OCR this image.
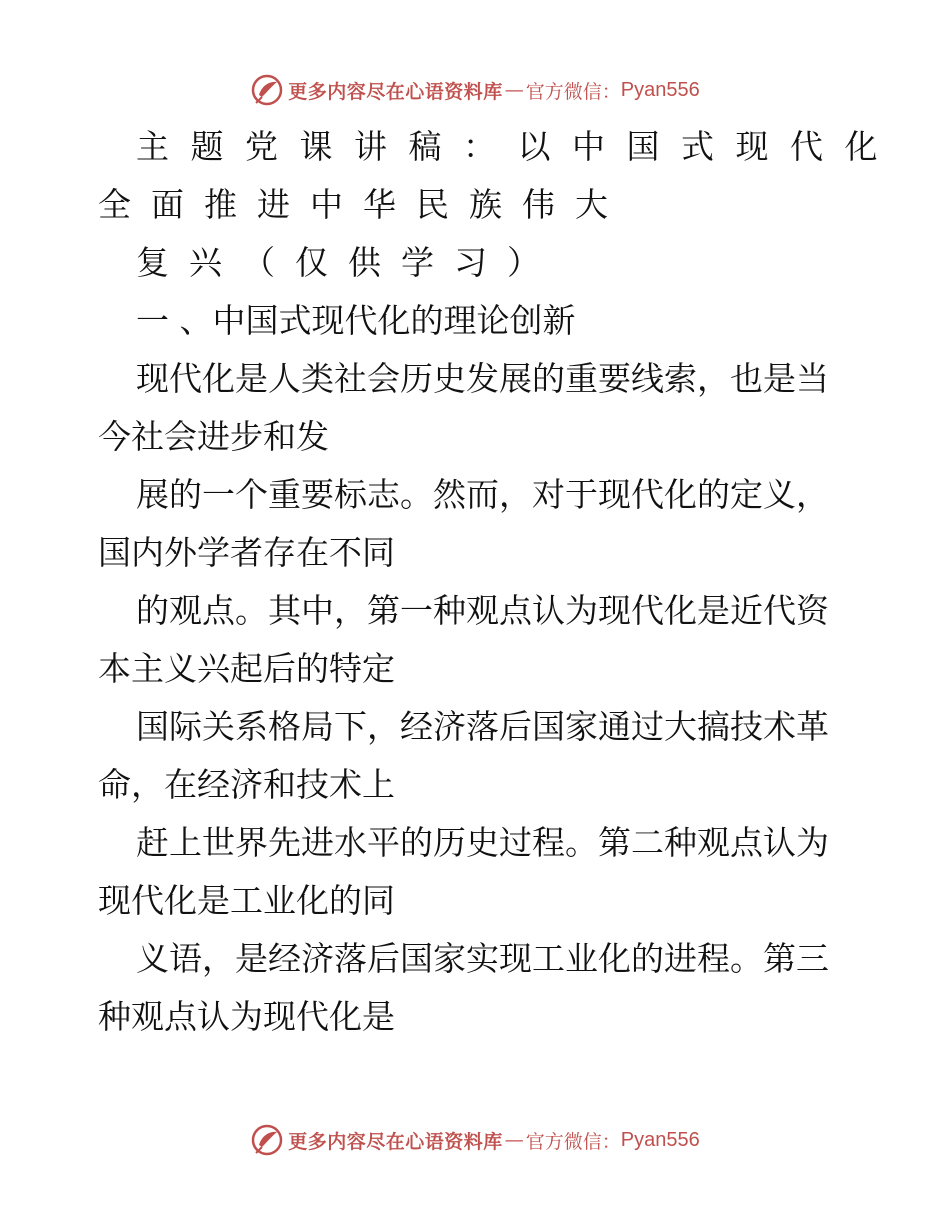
更多内容尽在心语资料库 — 官方微信： Pyan556
主题党课讲稿：以中国式现代化
全面推进中华民族伟大
复兴（仅供学习）
一 、中国式现代化的理论创新
现代化是人类社会历史发展的重要线索，也是当
今社会进步和发
展的一个重要标志。然而，对于现代化的定义，
国内外学者存在不同
的观点。其中，第一种观点认为现代化是近代资
本主义兴起后的特定
国际关系格局下，经济落后国家通过大搞技术革
命，在经济和技术上
赶上世界先进水平的历史过程。第二种观点认为
现代化是工业化的同
义语，是经济落后国家实现工业化的进程。第三
种观点认为现代化是
更多内容尽在心语资料库 — 官方微信： Pyan556
